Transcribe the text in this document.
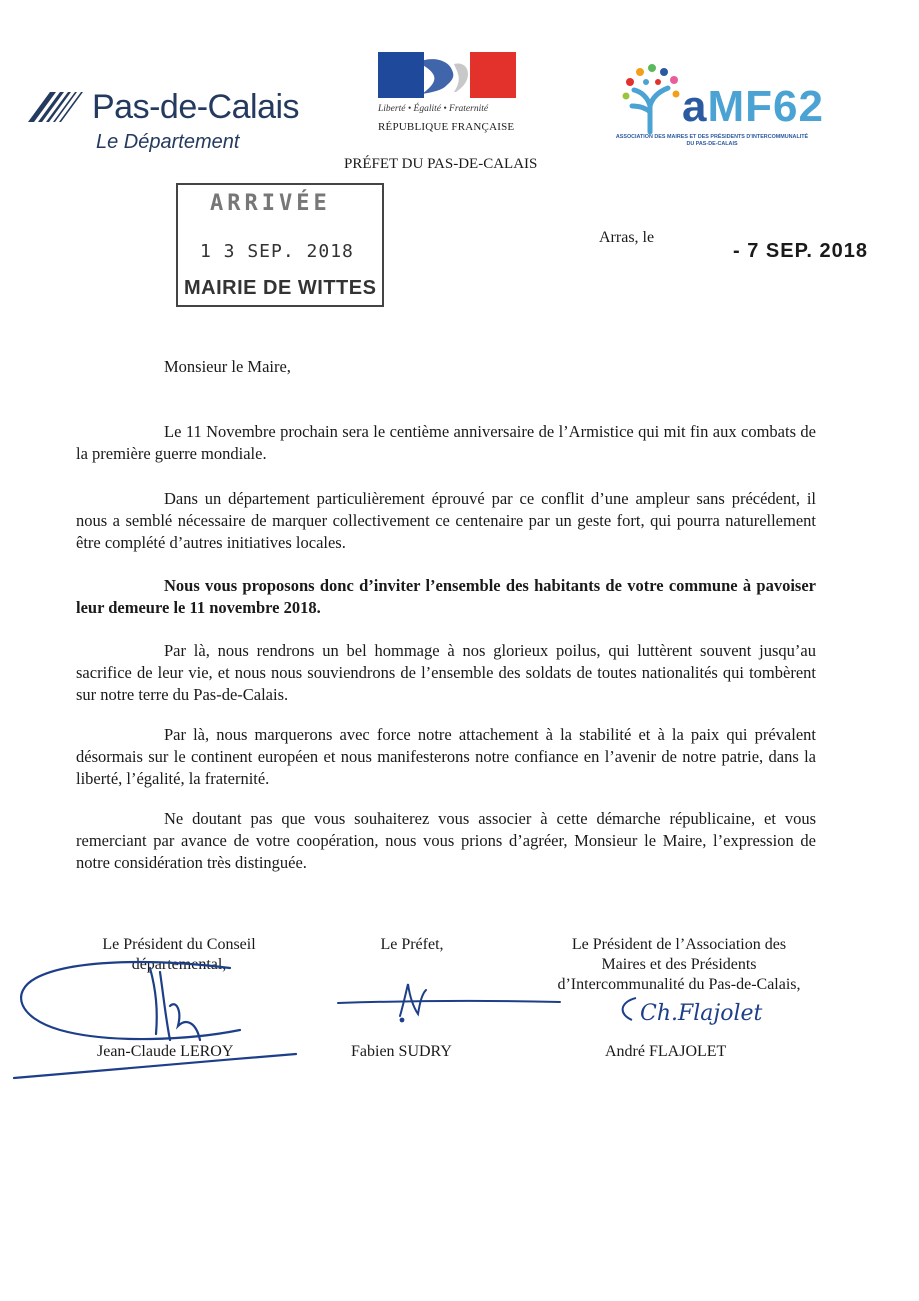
Pas-de-Calais
Le Département
Liberté • Égalité • Fraternité
RÉPUBLIQUE FRANÇAISE
PRÉFET DU PAS-DE-CALAIS
aMF62
ASSOCIATION DES MAIRES ET DES PRÉSIDENTS D'INTERCOMMUNALITÉ DU PAS-DE-CALAIS
ARRIVÉE
1 3 SEP. 2018
MAIRIE DE WITTES
Arras, le
- 7 SEP. 2018
Monsieur le Maire,
Le 11 Novembre prochain sera le centième anniversaire de l’Armistice qui mit fin aux combats de la première guerre mondiale.
Dans un département particulièrement éprouvé par ce conflit d’une ampleur sans précédent, il nous a semblé nécessaire de marquer collectivement ce centenaire par un geste fort, qui pourra naturellement être complété d’autres initiatives locales.
Nous vous proposons donc d’inviter l’ensemble des habitants de votre commune à pavoiser leur demeure le 11 novembre 2018.
Par là, nous rendrons un bel hommage à nos glorieux poilus, qui luttèrent souvent jusqu’au sacrifice de leur vie, et nous nous souviendrons de l’ensemble des soldats de toutes nationalités qui tombèrent sur notre terre du Pas-de-Calais.
Par là, nous marquerons avec force notre attachement à la stabilité et à la paix qui prévalent désormais sur le continent européen et nous manifesterons notre confiance en l’avenir de notre patrie, dans la liberté, l’égalité, la fraternité.
Ne doutant pas que vous souhaiterez vous associer à cette démarche républicaine, et vous remerciant par avance de votre coopération, nous vous prions d’agréer, Monsieur le Maire, l’expression de notre considération très distinguée.
Le Président du Conseil
départemental,
Le Préfet,	Le Président de l’Association des
Maires et des Présidents
d’Intercommunalité du Pas-de-Calais,
Ch.Flajolet
Jean-Claude LEROY	Fabien SUDRY	André FLAJOLET
